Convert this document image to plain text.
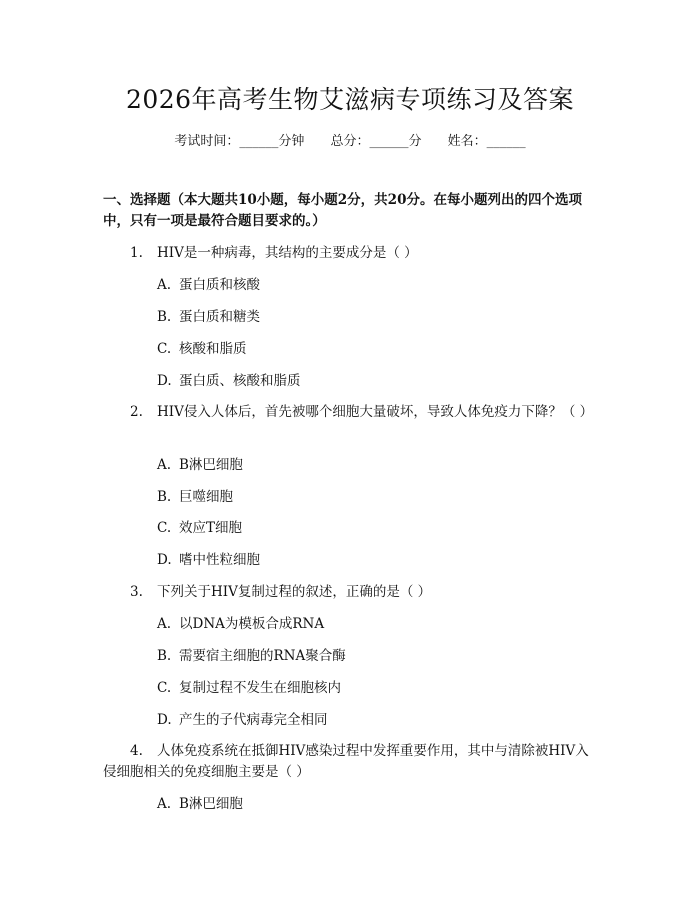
2026年高考生物艾滋病专项练习及答案
考试时间：______分钟 总分：______分 姓名：______
一、选择题（本大题共10小题，每小题2分，共20分。在每小题列出的四个选项中，只有一项是最符合题目要求的。）
1. HIV是一种病毒，其结构的主要成分是（ ）
A. 蛋白质和核酸
B. 蛋白质和糖类
C. 核酸和脂质
D. 蛋白质、核酸和脂质
2. HIV侵入人体后，首先被哪个细胞大量破坏，导致人体免疫力下降？（ ）
A. B淋巴细胞
B. 巨噬细胞
C. 效应T细胞
D. 嗜中性粒细胞
3. 下列关于HIV复制过程的叙述，正确的是（ ）
A. 以DNA为模板合成RNA
B. 需要宿主细胞的RNA聚合酶
C. 复制过程不发生在细胞核内
D. 产生的子代病毒完全相同
4. 人体免疫系统在抵御HIV感染过程中发挥重要作用，其中与清除被HIV入侵细胞相关的免疫细胞主要是（ ）
A. B淋巴细胞
